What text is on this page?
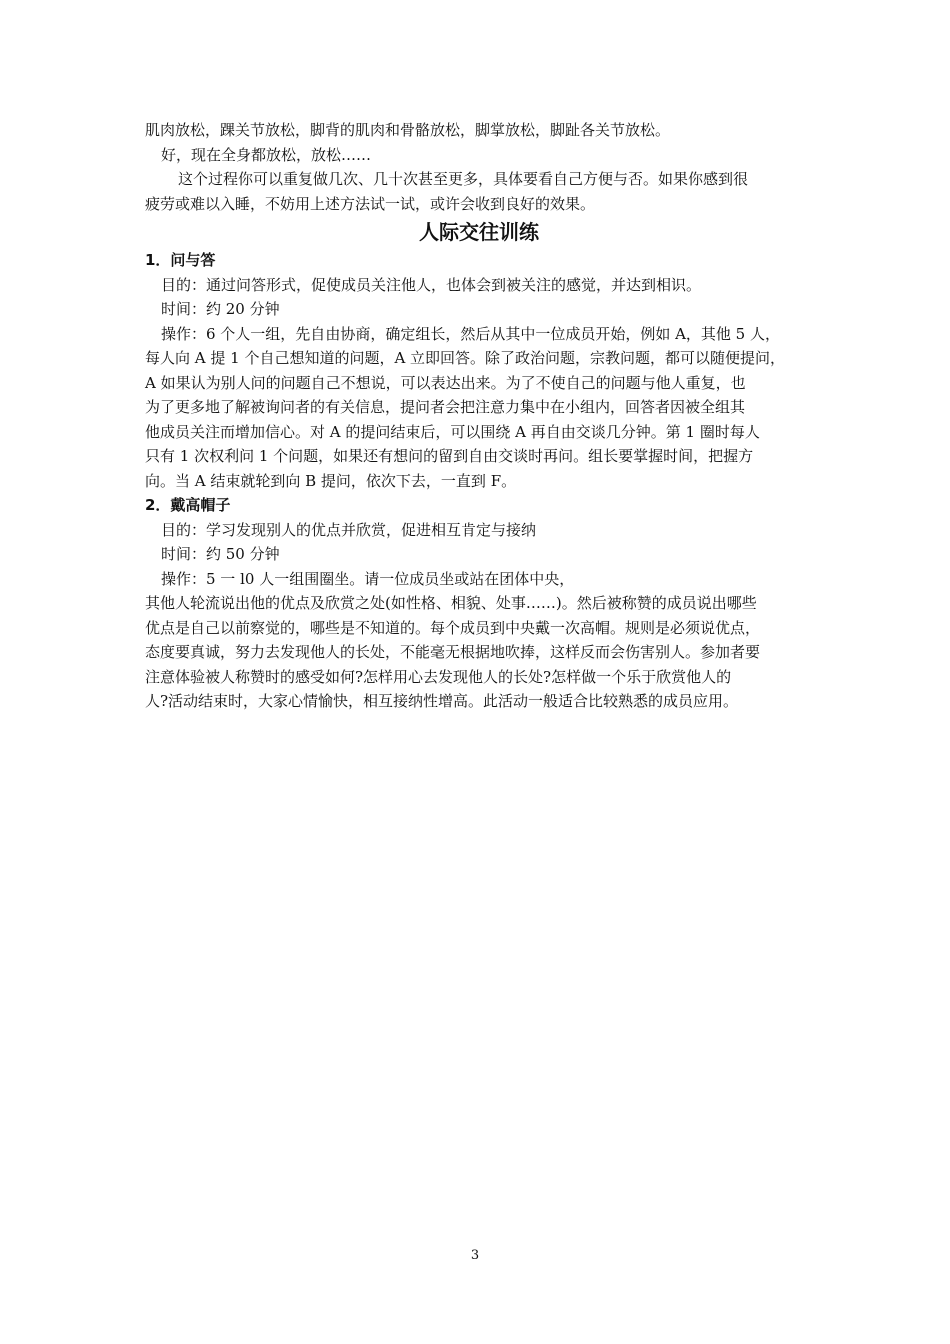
肌肉放松，踝关节放松，脚背的肌肉和骨骼放松，脚掌放松，脚趾各关节放松。
好，现在全身都放松，放松……
这个过程你可以重复做几次、几十次甚至更多，具体要看自己方便与否。如果你感到很
疲劳或难以入睡，不妨用上述方法试一试，或许会收到良好的效果。
人际交往训练
1．问与答
目的：通过问答形式，促使成员关注他人，也体会到被关注的感觉，并达到相识。
时间：约 20 分钟
操作：6 个人一组，先自由协商，确定组长，然后从其中一位成员开始，例如 A，其他 5 人，
每人向 A 提 1 个自己想知道的问题，A 立即回答。除了政治问题，宗教问题，都可以随便提问，
A 如果认为别人问的问题自己不想说，可以表达出来。为了不使自己的问题与他人重复，也
为了更多地了解被询问者的有关信息，提问者会把注意力集中在小组内，回答者因被全组其
他成员关注而增加信心。对 A 的提问结束后，可以围绕 A 再自由交谈几分钟。第 1 圈时每人
只有 1 次权利问 1 个问题，如果还有想问的留到自由交谈时再问。组长要掌握时间，把握方
向。当 A 结束就轮到向 B 提问，依次下去，一直到 F。
2．戴高帽子
目的：学习发现别人的优点并欣赏，促进相互肯定与接纳
时间：约 50 分钟
操作：5 一 l0 人一组围圈坐。请一位成员坐或站在团体中央，
其他人轮流说出他的优点及欣赏之处(如性格、相貌、处事……)。然后被称赞的成员说出哪些
优点是自己以前察觉的，哪些是不知道的。每个成员到中央戴一次高帽。规则是必须说优点，
态度要真诚，努力去发现他人的长处，不能毫无根据地吹捧，这样反而会伤害别人。参加者要
注意体验被人称赞时的感受如何?怎样用心去发现他人的长处?怎样做一个乐于欣赏他人的
人?活动结束时，大家心情愉快，相互接纳性增高。此活动一般适合比较熟悉的成员应用。
3
